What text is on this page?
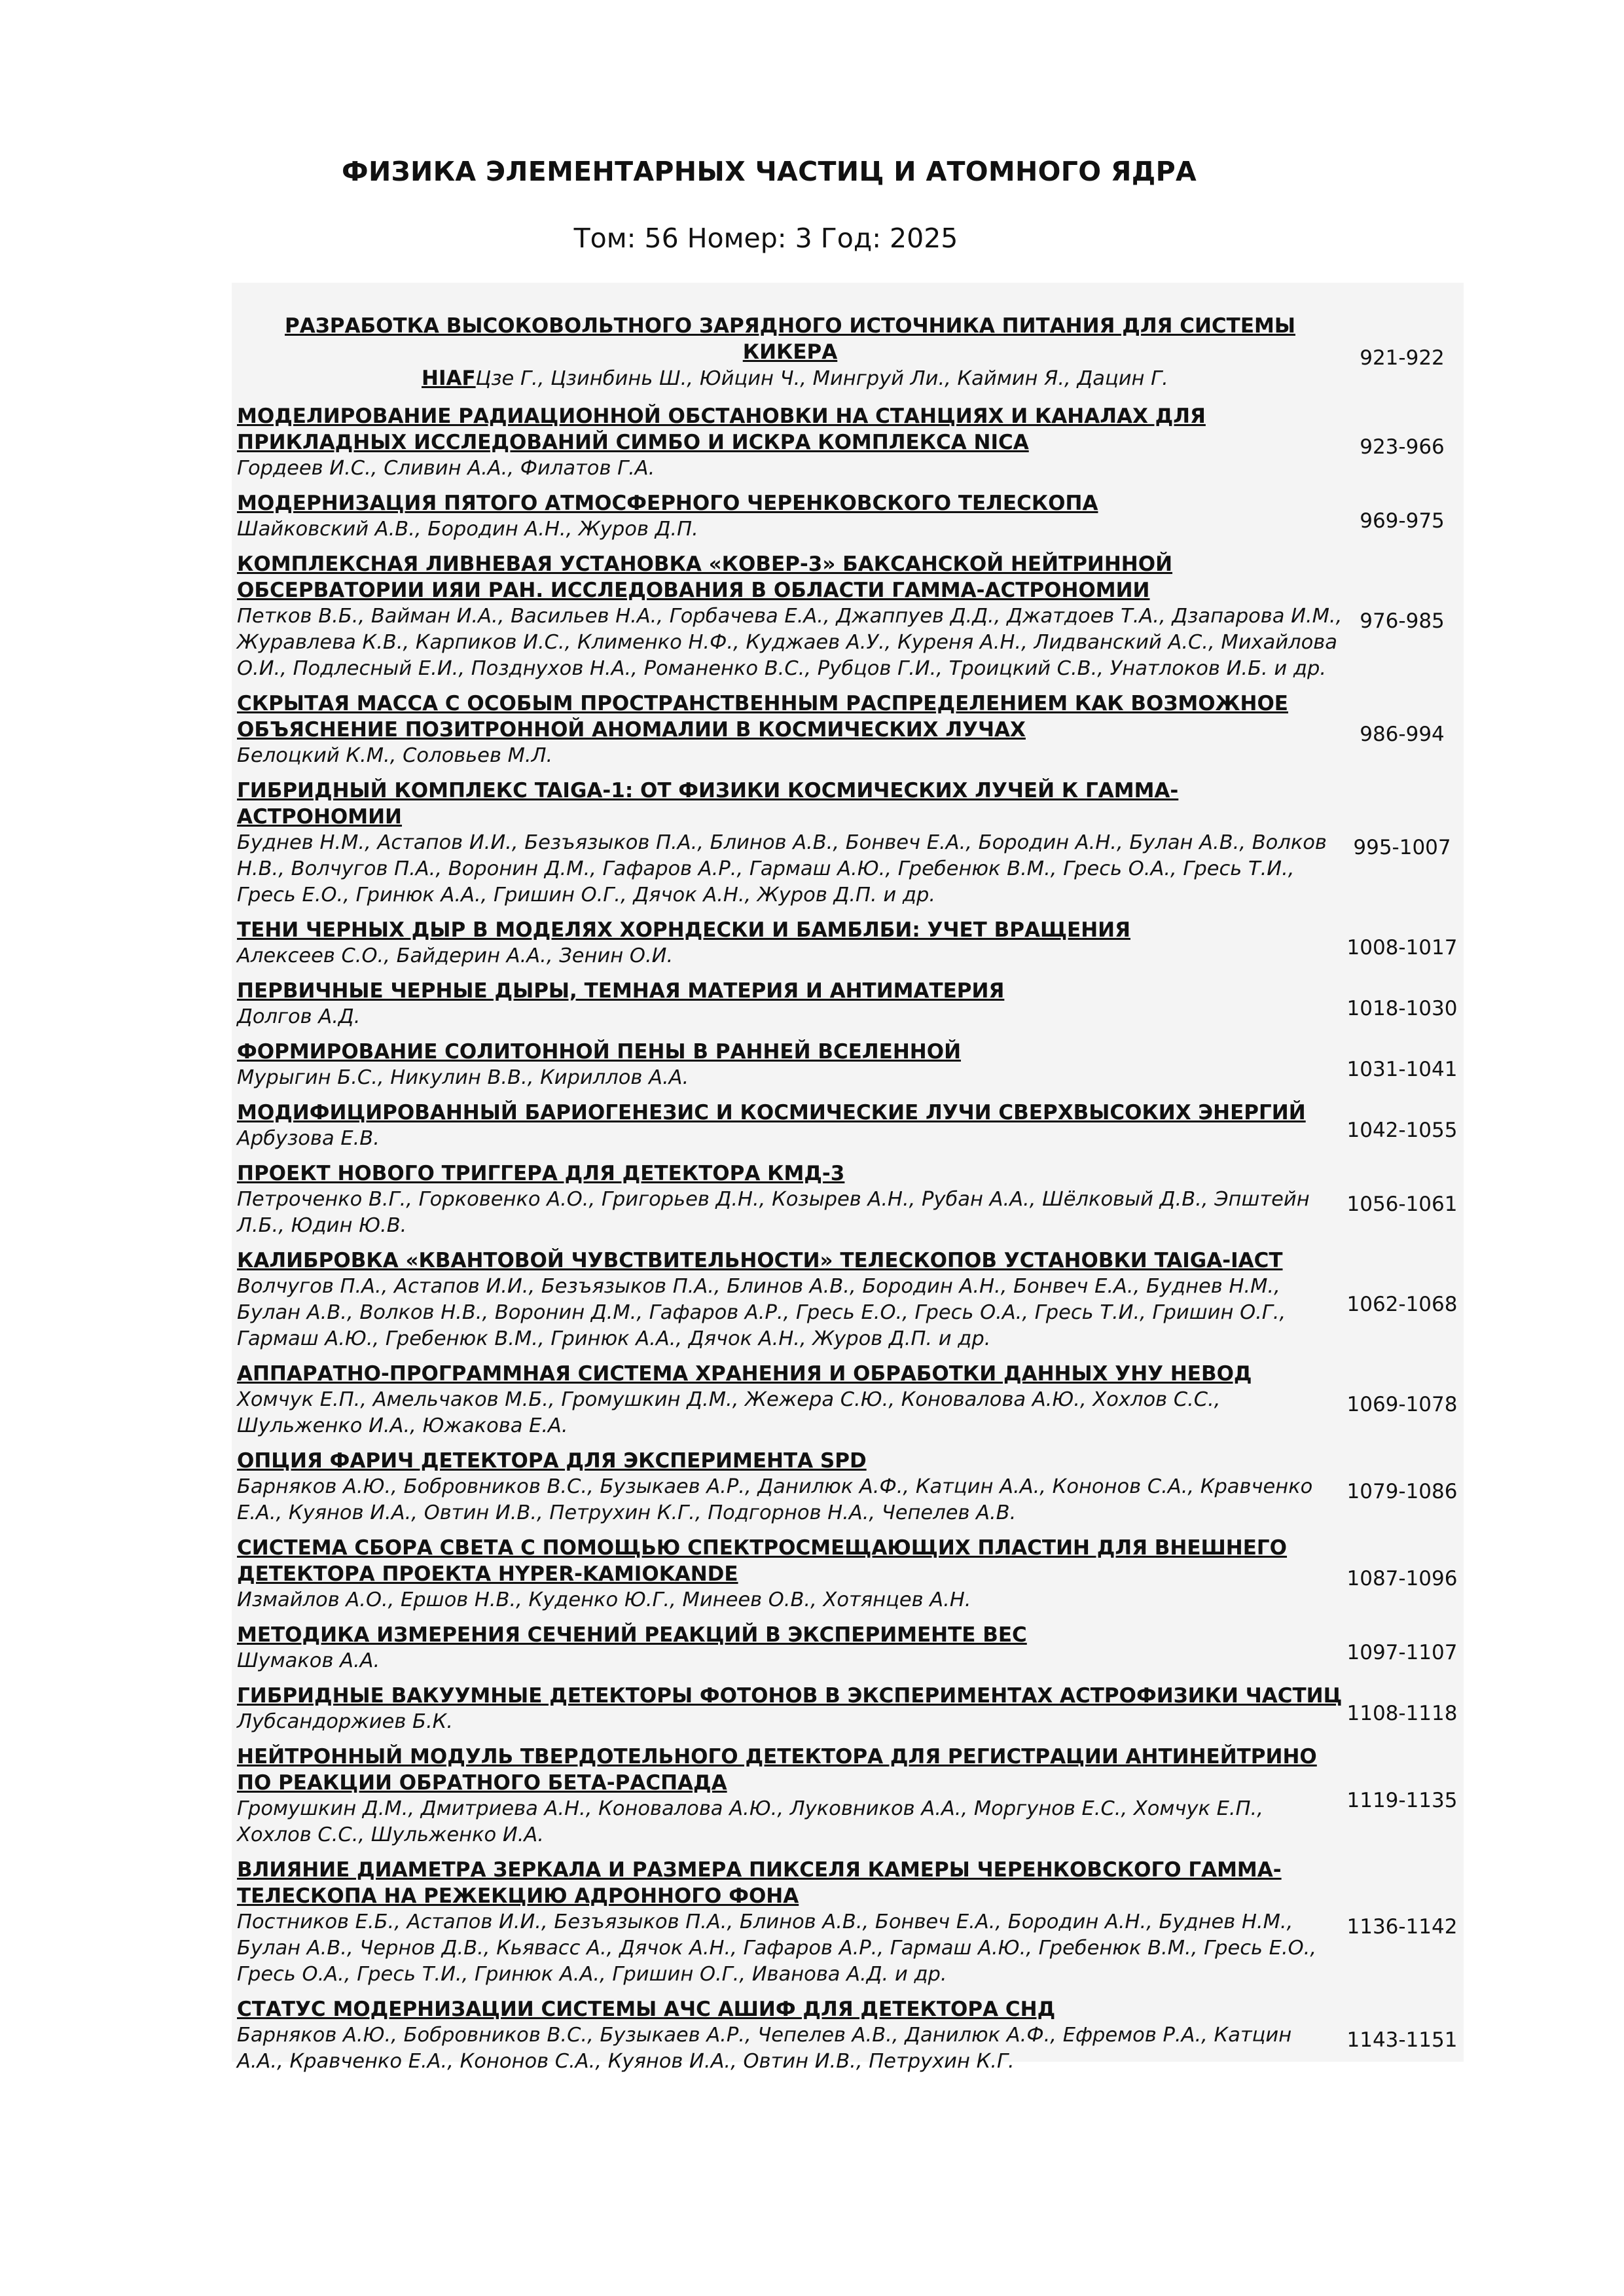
ФИЗИКА ЭЛЕМЕНТАРНЫХ ЧАСТИЦ И АТОМНОГО ЯДРА
Том: 56 Номер: 3 Год: 2025
РАЗРАБОТКА ВЫСОКОВОЛЬТНОГО ЗАРЯДНОГО ИСТОЧНИКА ПИТАНИЯ ДЛЯ СИСТЕМЫ КИКЕРА
HIAFЦзе Г., Цзинбинь Ш., Юйцин Ч., Мингруй Ли., Каймин Я., Дацин Г.	921-922

МОДЕЛИРОВАНИЕ РАДИАЦИОННОЙ ОБСТАНОВКИ НА СТАНЦИЯХ И КАНАЛАХ ДЛЯ ПРИКЛАДНЫХ ИССЛЕДОВАНИЙ СИМБО И ИСКРА КОМПЛЕКСА NICA
Гордеев И.С., Сливин А.А., Филатов Г.А.	923-966

МОДЕРНИЗАЦИЯ ПЯТОГО АТМОСФЕРНОГО ЧЕРЕНКОВСКОГО ТЕЛЕСКОПА
Шайковский А.В., Бородин А.Н., Журов Д.П.	969-975

КОМПЛЕКСНАЯ ЛИВНЕВАЯ УСТАНОВКА «КОВЕР-3» БАКСАНСКОЙ НЕЙТРИННОЙ ОБСЕРВАТОРИИ ИЯИ РАН. ИССЛЕДОВАНИЯ В ОБЛАСТИ ГАММА-АСТРОНОМИИ
Петков В.Б., Вайман И.А., Васильев Н.А., Горбачева Е.А., Джаппуев Д.Д., Джатдоев Т.А., Дзапарова И.М., Журавлева К.В., Карпиков И.С., Клименко Н.Ф., Куджаев А.У., Куреня А.Н., Лидванский А.С., Михайлова О.И., Подлесный Е.И., Позднухов Н.А., Романенко В.С., Рубцов Г.И., Троицкий С.В., Унатлоков И.Б. и др.	976-985

СКРЫТАЯ МАССА С ОСОБЫМ ПРОСТРАНСТВЕННЫМ РАСПРЕДЕЛЕНИЕМ КАК ВОЗМОЖНОЕ ОБЪЯСНЕНИЕ ПОЗИТРОННОЙ АНОМАЛИИ В КОСМИЧЕСКИХ ЛУЧАХ
Белоцкий К.М., Соловьев М.Л.	986-994

ГИБРИДНЫЙ КОМПЛЕКС TAIGA-1: ОТ ФИЗИКИ КОСМИЧЕСКИХ ЛУЧЕЙ К ГАММА-АСТРОНОМИИ
Буднев Н.М., Астапов И.И., Безъязыков П.А., Блинов А.В., Бонвеч Е.А., Бородин А.Н., Булан А.В., Волков Н.В., Волчугов П.А., Воронин Д.М., Гафаров А.Р., Гармаш А.Ю., Гребенюк В.М., Гресь О.А., Гресь Т.И., Гресь Е.О., Гринюк А.А., Гришин О.Г., Дячок А.Н., Журов Д.П. и др.	995-1007

ТЕНИ ЧЕРНЫХ ДЫР В МОДЕЛЯХ ХОРНДЕСКИ И БАМБЛБИ: УЧЕТ ВРАЩЕНИЯ
Алексеев С.О., Байдерин А.А., Зенин О.И.	1008-1017

ПЕРВИЧНЫЕ ЧЕРНЫЕ ДЫРЫ, ТЕМНАЯ МАТЕРИЯ И АНТИМАТЕРИЯ
Долгов А.Д.	1018-1030

ФОРМИРОВАНИЕ СОЛИТОННОЙ ПЕНЫ В РАННЕЙ ВСЕЛЕННОЙ
Мурыгин Б.С., Никулин В.В., Кириллов А.А.	1031-1041

МОДИФИЦИРОВАННЫЙ БАРИОГЕНЕЗИС И КОСМИЧЕСКИЕ ЛУЧИ СВЕРХВЫСОКИХ ЭНЕРГИЙ
Арбузова Е.В.	1042-1055

ПРОЕКТ НОВОГО ТРИГГЕРА ДЛЯ ДЕТЕКТОРА КМД-3
Петроченко В.Г., Горковенко А.О., Григорьев Д.Н., Козырев А.Н., Рубан А.А., Шёлковый Д.В., Эпштейн Л.Б., Юдин Ю.В.	1056-1061

КАЛИБРОВКА «КВАНТОВОЙ ЧУВСТВИТЕЛЬНОСТИ» ТЕЛЕСКОПОВ УСТАНОВКИ TAIGA-IACT
Волчугов П.А., Астапов И.И., Безъязыков П.А., Блинов А.В., Бородин А.Н., Бонвеч Е.А., Буднев Н.М., Булан А.В., Волков Н.В., Воронин Д.М., Гафаров А.Р., Гресь Е.О., Гресь О.А., Гресь Т.И., Гришин О.Г., Гармаш А.Ю., Гребенюк В.М., Гринюк А.А., Дячок А.Н., Журов Д.П. и др.	1062-1068

АППАРАТНО-ПРОГРАММНАЯ СИСТЕМА ХРАНЕНИЯ И ОБРАБОТКИ ДАННЫХ УНУ НЕВОД
Хомчук Е.П., Амельчаков М.Б., Громушкин Д.М., Жежера С.Ю., Коновалова А.Ю., Хохлов С.С., Шульженко И.А., Южакова Е.А.	1069-1078

ОПЦИЯ ФАРИЧ ДЕТЕКТОРА ДЛЯ ЭКСПЕРИМЕНТА SPD
Барняков А.Ю., Бобровников В.С., Бузыкаев А.Р., Данилюк А.Ф., Катцин А.А., Кононов С.А., Кравченко Е.А., Куянов И.А., Овтин И.В., Петрухин К.Г., Подгорнов Н.А., Чепелев А.В.	1079-1086

СИСТЕМА СБОРА СВЕТА С ПОМОЩЬЮ СПЕКТРОСМЕЩАЮЩИХ ПЛАСТИН ДЛЯ ВНЕШНЕГО ДЕТЕКТОРА ПРОЕКТА HYPER-KAMIOKANDE
Измайлов А.О., Ершов Н.В., Куденко Ю.Г., Минеев О.В., Хотянцев А.Н.	1087-1096

МЕТОДИКА ИЗМЕРЕНИЯ СЕЧЕНИЙ РЕАКЦИЙ В ЭКСПЕРИМЕНТЕ ВЕС
Шумаков А.А.	1097-1107

ГИБРИДНЫЕ ВАКУУМНЫЕ ДЕТЕКТОРЫ ФОТОНОВ В ЭКСПЕРИМЕНТАХ АСТРОФИЗИКИ ЧАСТИЦ
Лубсандоржиев Б.К.	1108-1118

НЕЙТРОННЫЙ МОДУЛЬ ТВЕРДОТЕЛЬНОГО ДЕТЕКТОРА ДЛЯ РЕГИСТРАЦИИ АНТИНЕЙТРИНО ПО РЕАКЦИИ ОБРАТНОГО БЕТА-РАСПАДА
Громушкин Д.М., Дмитриева А.Н., Коновалова А.Ю., Луковников А.А., Моргунов Е.С., Хомчук Е.П., Хохлов С.С., Шульженко И.А.	1119-1135

ВЛИЯНИЕ ДИАМЕТРА ЗЕРКАЛА И РАЗМЕРА ПИКСЕЛЯ КАМЕРЫ ЧЕРЕНКОВСКОГО ГАММА-ТЕЛЕСКОПА НА РЕЖЕКЦИЮ АДРОННОГО ФОНА
Постников Е.Б., Астапов И.И., Безъязыков П.А., Блинов А.В., Бонвеч Е.А., Бородин А.Н., Буднев Н.М., Булан А.В., Чернов Д.В., Кьявасс А., Дячок А.Н., Гафаров А.Р., Гармаш А.Ю., Гребенюк В.М., Гресь Е.О., Гресь О.А., Гресь Т.И., Гринюк А.А., Гришин О.Г., Иванова А.Д. и др.	1136-1142

СТАТУС МОДЕРНИЗАЦИИ СИСТЕМЫ АЧС АШИФ ДЛЯ ДЕТЕКТОРА СНД
Барняков А.Ю., Бобровников В.С., Бузыкаев А.Р., Чепелев А.В., Данилюк А.Ф., Ефремов Р.А., Катцин А.А., Кравченко Е.А., Кононов С.А., Куянов И.А., Овтин И.В., Петрухин К.Г.	1143-1151
